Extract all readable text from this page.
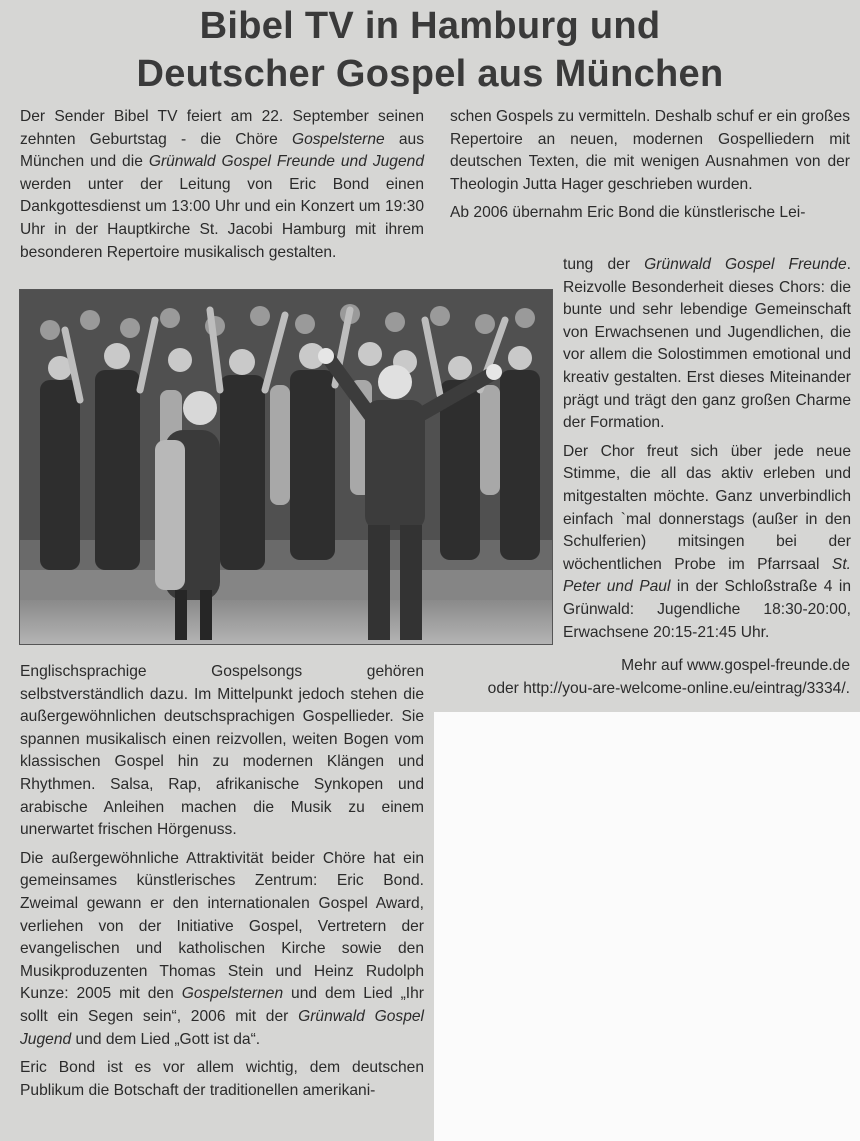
Bibel TV in Hamburg und
Deutscher Gospel aus München

Der Sender Bibel TV feiert am 22. September seinen zehnten Geburtstag - die Chöre Gospelsterne aus München und die Grünwald Gospel Freunde und Jugend werden unter der Leitung von Eric Bond einen Dankgottesdienst um 13:00 Uhr und ein Konzert um 19:30 Uhr in der Hauptkirche St. Jacobi Hamburg mit ihrem besonderen Repertoire musikalisch gestalten.

Englischsprachige Gospelsongs gehören selbstverständlich dazu. Im Mittelpunkt jedoch stehen die außergewöhnlichen deutschsprachigen Gospellieder. Sie spannen musikalisch einen reizvollen, weiten Bogen vom klassischen Gospel hin zu modernen Klängen und Rhythmen. Salsa, Rap, afrikanische Synkopen und arabische Anleihen machen die Musik zu einem unerwartet frischen Hörgenuss.

Die außergewöhnliche Attraktivität beider Chöre hat ein gemeinsames künstlerisches Zentrum: Eric Bond. Zweimal gewann er den internationalen Gospel Award, verliehen von der Initiative Gospel, Vertretern der evangelischen und katholischen Kirche sowie den Musikproduzenten Thomas Stein und Heinz Rudolph Kunze: 2005 mit den Gospelsternen und dem Lied „Ihr sollt ein Segen sein“, 2006 mit der Grünwald Gospel Jugend und dem Lied „Gott ist da“.

Eric Bond ist es vor allem wichtig, dem deutschen Publikum die Botschaft der traditionellen amerikani-

schen Gospels zu vermitteln. Deshalb schuf er ein großes Repertoire an neuen, modernen Gospelliedern mit deutschen Texten, die mit wenigen Ausnahmen von der Theologin Jutta Hager geschrieben wurden.

Ab 2006 übernahm Eric Bond die künstlerische Lei-

tung der Grünwald Gospel Freunde. Reizvolle Besonderheit dieses Chors: die bunte und sehr lebendige Gemeinschaft von Erwachsenen und Jugendlichen, die vor allem die Solostimmen emotional und kreativ gestalten. Erst dieses Miteinander prägt und trägt den ganz großen Charme der Formation.

Der Chor freut sich über jede neue Stimme, die all das aktiv erleben und mitgestalten möchte. Ganz unverbindlich einfach `mal donnerstags (außer in den Schulferien) mitsingen bei der wöchentlichen Probe im Pfarrsaal St. Peter und Paul in der Schloßstraße 4 in Grünwald: Jugendliche 18:30-20:00, Erwachsene 20:15-21:45 Uhr.

Mehr auf www.gospel-freunde.de
oder http://you-are-welcome-online.eu/eintrag/3334/.
